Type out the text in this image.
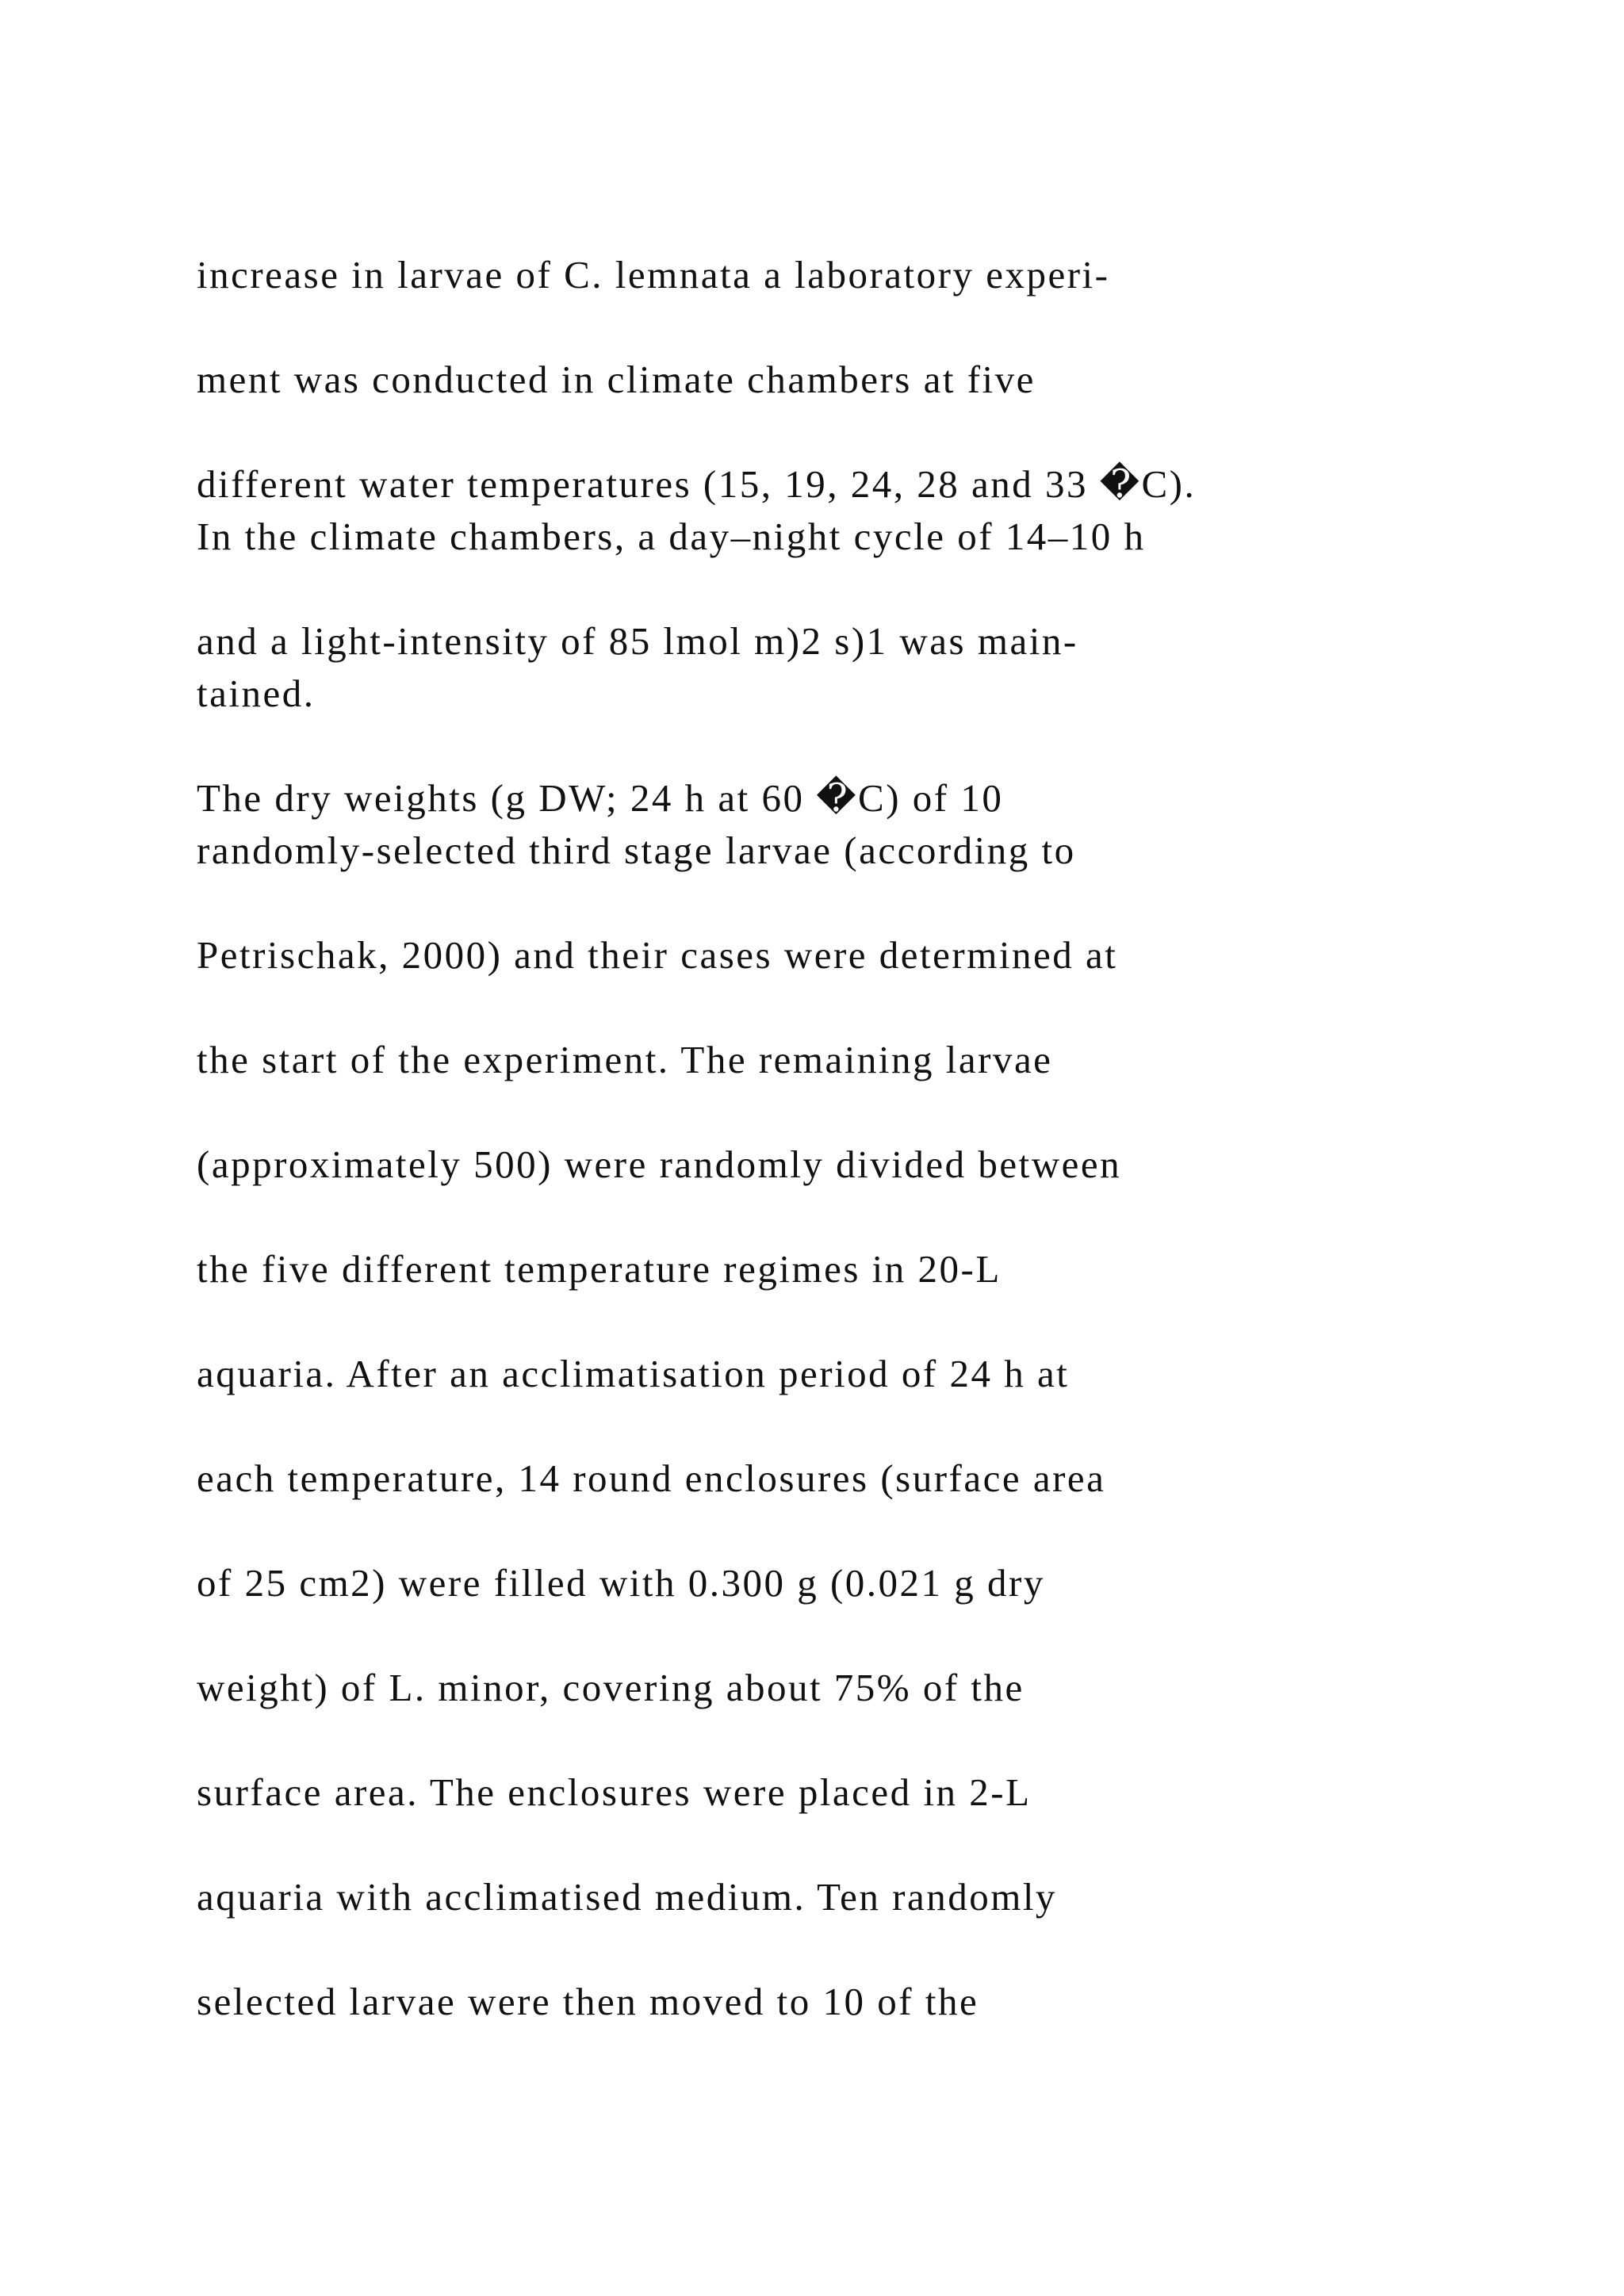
increase in larvae of C. lemnata a laboratory experi-
ment was conducted in climate chambers at five
different water temperatures (15, 19, 24, 28 and 33 �C).
In the climate chambers, a day–night cycle of 14–10 h
and a light-intensity of 85 lmol m)2 s)1 was main-
tained.
The dry weights (g DW; 24 h at 60 �C) of 10
randomly-selected third stage larvae (according to
Petrischak, 2000) and their cases were determined at
the start of the experiment. The remaining larvae
(approximately 500) were randomly divided between
the five different temperature regimes in 20-L
aquaria. After an acclimatisation period of 24 h at
each temperature, 14 round enclosures (surface area
of 25 cm2) were filled with 0.300 g (0.021 g dry
weight) of L. minor, covering about 75% of the
surface area. The enclosures were placed in 2-L
aquaria with acclimatised medium. Ten randomly
selected larvae were then moved to 10 of the
